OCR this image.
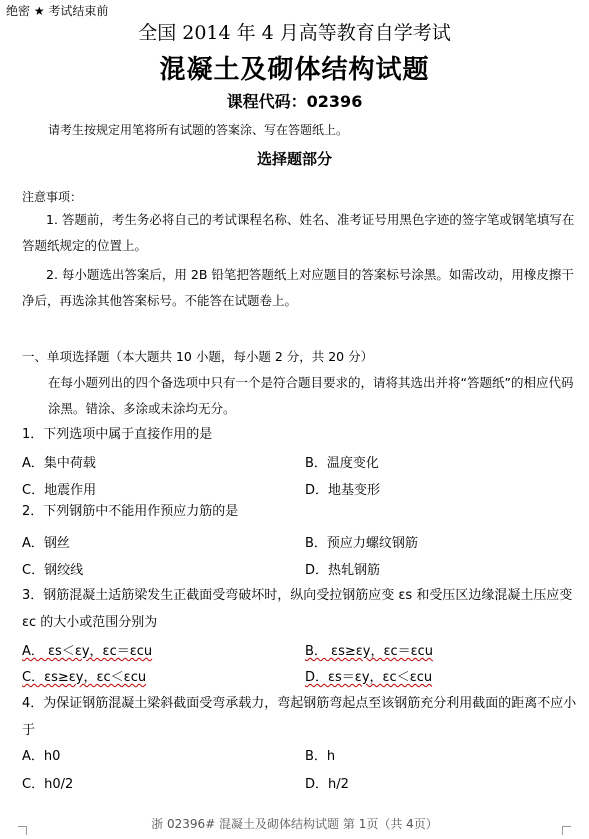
绝密 ★ 考试结束前
全国 2014 年 4 月高等教育自学考试
混凝土及砌体结构试题
课程代码：02396
请考生按规定用笔将所有试题的答案涂、写在答题纸上。
选择题部分
注意事项：
1. 答题前，考生务必将自己的考试课程名称、姓名、准考证号用黑色字迹的签字笔或钢笔填写在答题纸规定的位置上。
2. 每小题选出答案后，用 2B 铅笔把答题纸上对应题目的答案标号涂黑。如需改动，用橡皮擦干净后，再选涂其他答案标号。不能答在试题卷上。
一、单项选择题（本大题共 10 小题，每小题 2 分，共 20 分）
在每小题列出的四个备选项中只有一个是符合题目要求的，请将其选出并将“答题纸”的相应代码涂黑。错涂、多涂或未涂均无分。
1．下列选项中属于直接作用的是
A．集中荷载	B．温度变化
C．地震作用	D．地基变形
2．下列钢筋中不能用作预应力筋的是
A．钢丝	B．预应力螺纹钢筋
C．钢绞线	D．热轧钢筋
3．钢筋混凝土适筋梁发生正截面受弯破坏时，纵向受拉钢筋应变 εs 和受压区边缘混凝土压应变 εc 的大小或范围分别为
A． εs＜εy，εc＝εcu	B． εs≥εy，εc＝εcu
C．εs≥εy，εc＜εcu	D．εs＝εy，εc＜εcu
4．为保证钢筋混凝土梁斜截面受弯承载力，弯起钢筋弯起点至该钢筋充分利用截面的距离不应小于
A．h0	B．h
C．h0/2	D．h/2
浙 02396# 混凝土及砌体结构试题 第 1页（共 4页）
